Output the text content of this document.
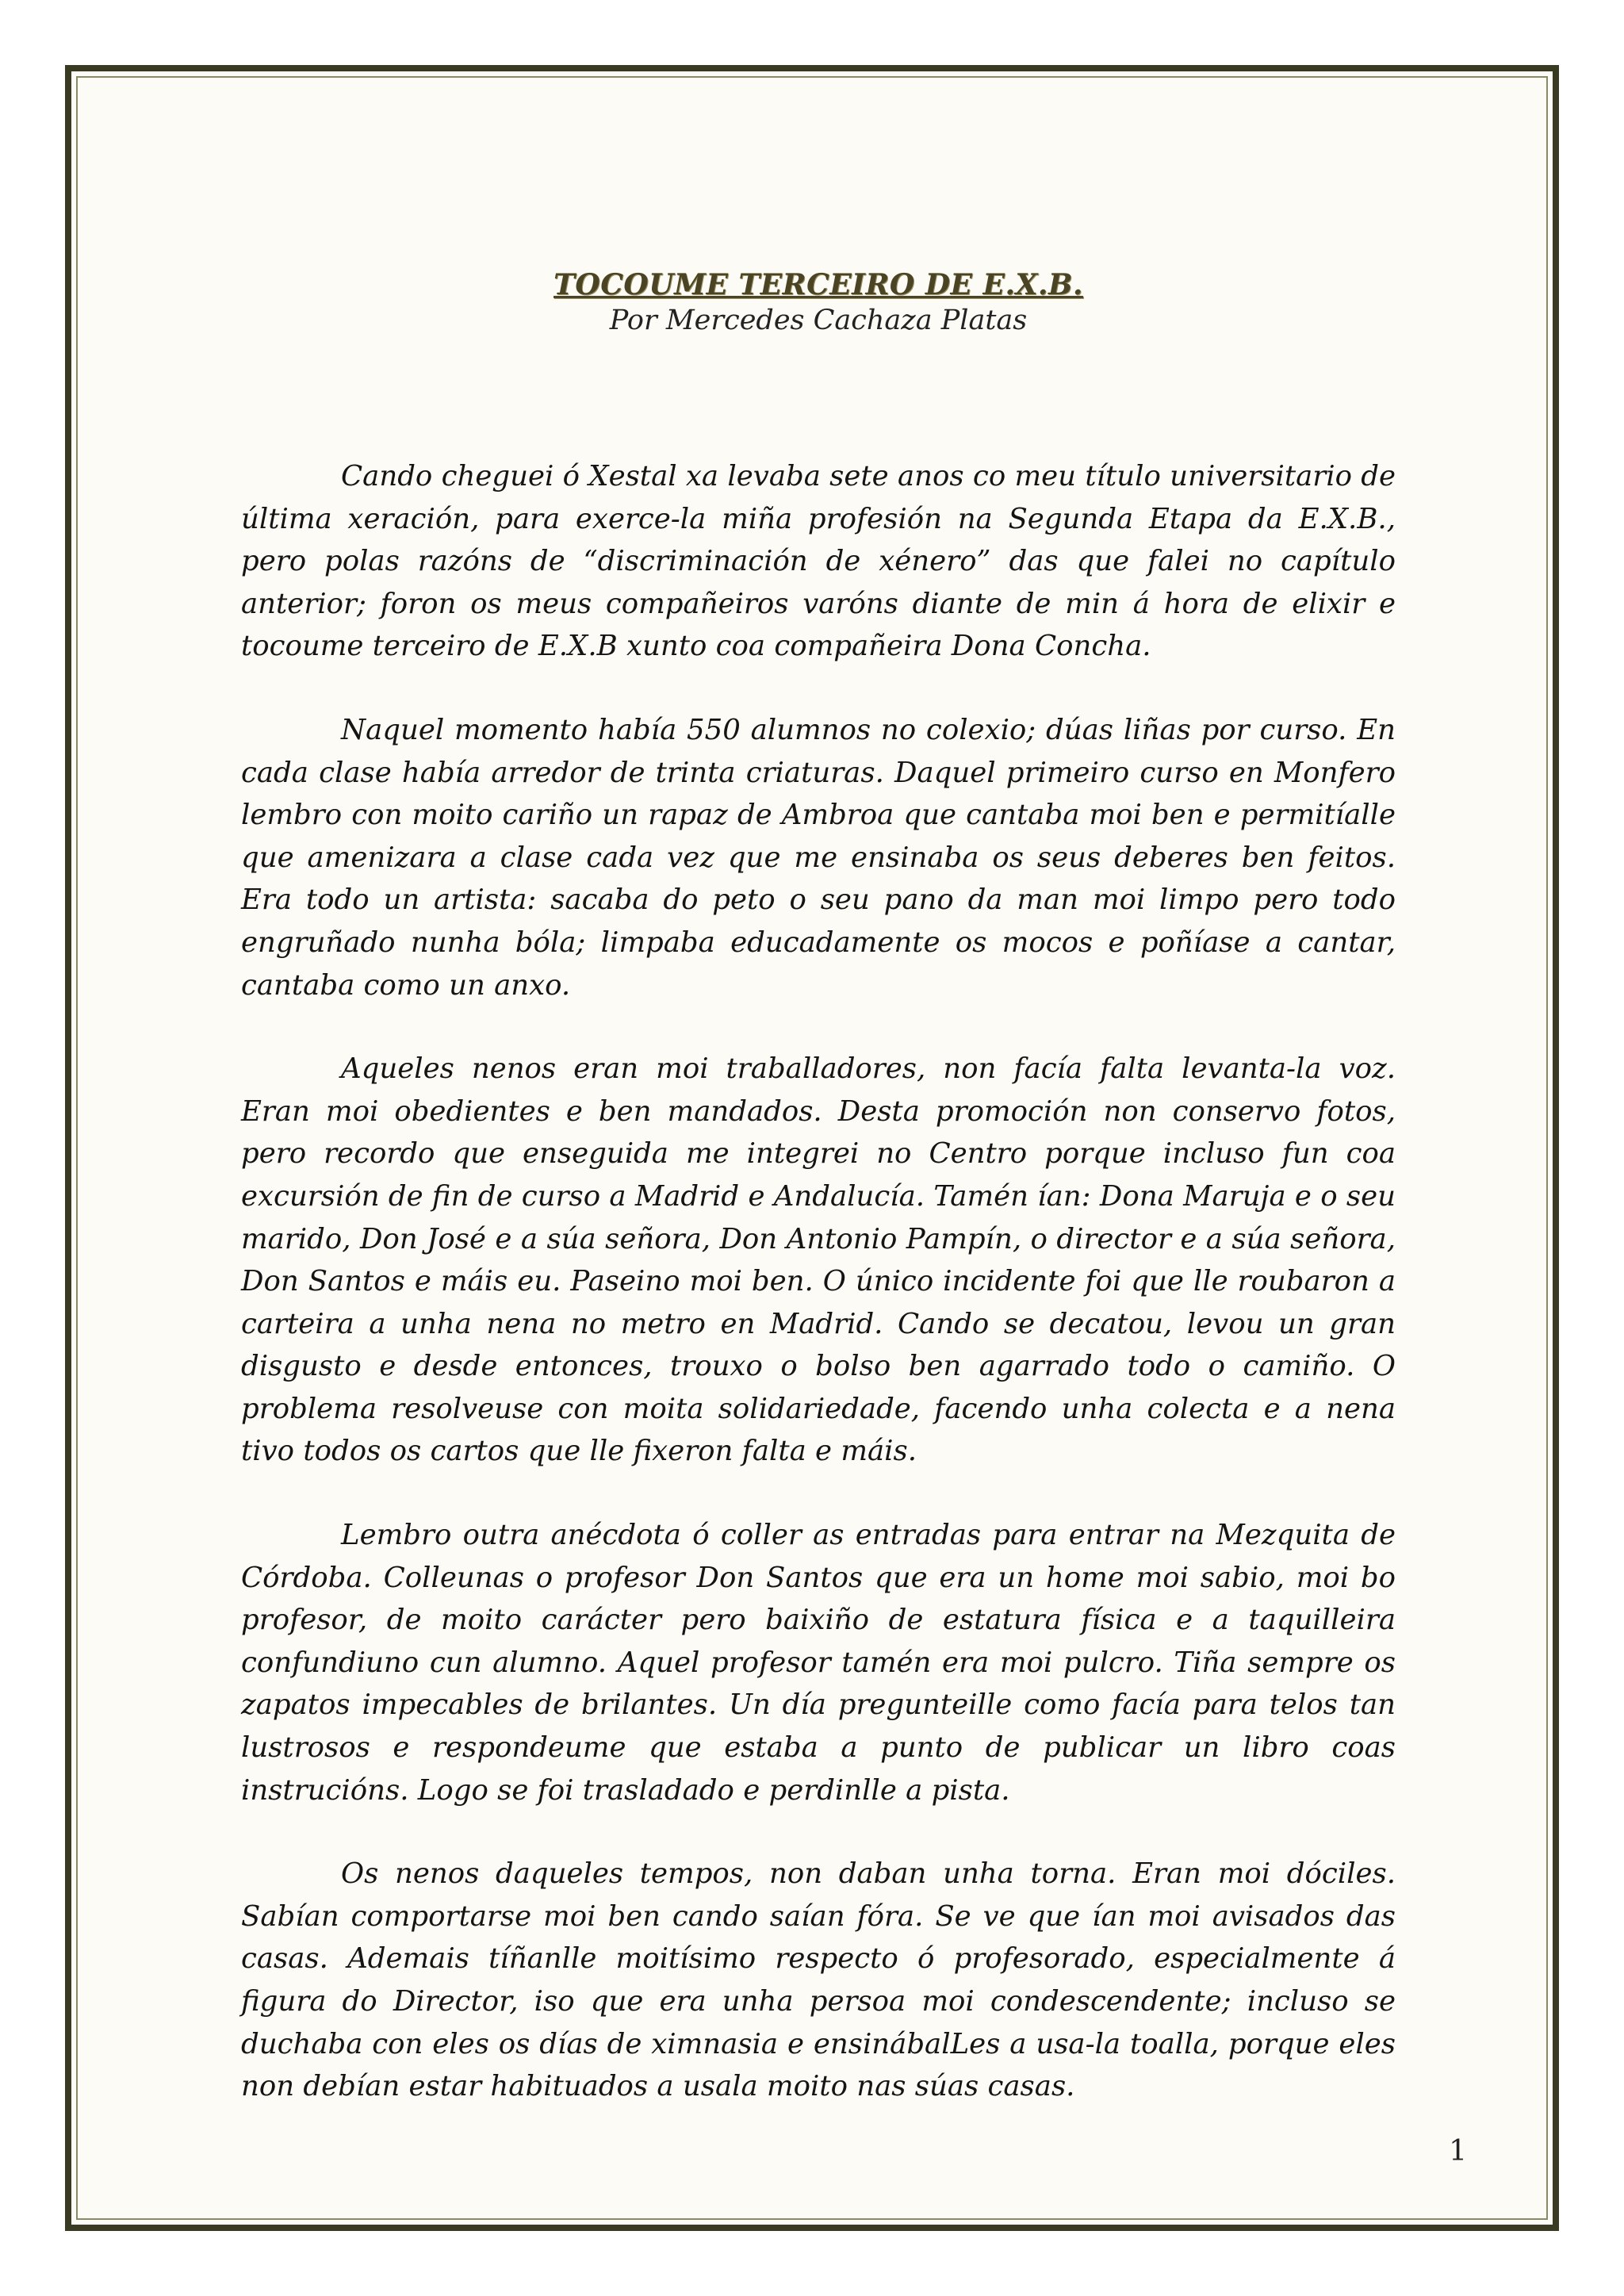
TOCOUME TERCEIRO DE E.X.B.
Por Mercedes Cachaza Platas

Cando cheguei ó Xestal xa levaba sete anos co meu título universitario de última xeración, para exerce-la miña profesión na Segunda Etapa da E.X.B., pero polas razóns de “discriminación de xénero” das que falei no capítulo anterior; foron os meus compañeiros varóns diante de min á hora de elixir e tocoume terceiro de E.X.B xunto coa compañeira Dona Concha.

Naquel momento había 550 alumnos no colexio; dúas liñas por curso. En cada clase había arredor de trinta criaturas. Daquel primeiro curso en Monfero lembro con moito cariño un rapaz de Ambroa que cantaba moi ben e permitíalle que amenizara a clase cada vez que me ensinaba os seus deberes ben feitos. Era todo un artista: sacaba do peto o seu pano da man moi limpo pero todo engruñado nunha bóla; limpaba educadamente os mocos e poñíase a cantar, cantaba como un anxo.

Aqueles nenos eran moi traballadores, non facía falta levanta-la voz. Eran moi obedientes e ben mandados. Desta promoción non conservo fotos, pero recordo que enseguida me integrei no Centro porque incluso fun coa excursión de fin de curso a Madrid e Andalucía. Tamén ían: Dona Maruja e o seu marido, Don José e a súa señora, Don Antonio Pampín, o director e a súa señora, Don Santos e máis eu. Paseino moi ben. O único incidente foi que lle roubaron a carteira a unha nena no metro en Madrid. Cando se decatou, levou un gran disgusto e desde entonces, trouxo o bolso ben agarrado todo o camiño. O problema resolveuse con moita solidariedade, facendo unha colecta e a nena tivo todos os cartos que lle fixeron falta e máis.

Lembro outra anécdota ó coller as entradas para entrar na Mezquita de Córdoba. Colleunas o profesor Don Santos que era un home moi sabio, moi bo profesor, de moito carácter pero baixiño de estatura física e a taquilleira confundiuno cun alumno. Aquel profesor tamén era moi pulcro. Tiña sempre os zapatos impecables de brilantes. Un día pregunteille como facía para telos tan lustrosos e respondeume que estaba a punto de publicar un libro coas instrucións. Logo se foi trasladado e perdinlle a pista.

Os nenos daqueles tempos, non daban unha torna. Eran moi dóciles. Sabían comportarse moi ben cando saían fóra. Se ve que ían moi avisados das casas. Ademais tíñanlle moitísimo respecto ó profesorado, especialmente á figura do Director, iso que era unha persoa moi condescendente; incluso se duchaba con eles os días de ximnasia e ensinábalLes a usa-la toalla, porque eles non debían estar habituados a usala moito nas súas casas.

1
